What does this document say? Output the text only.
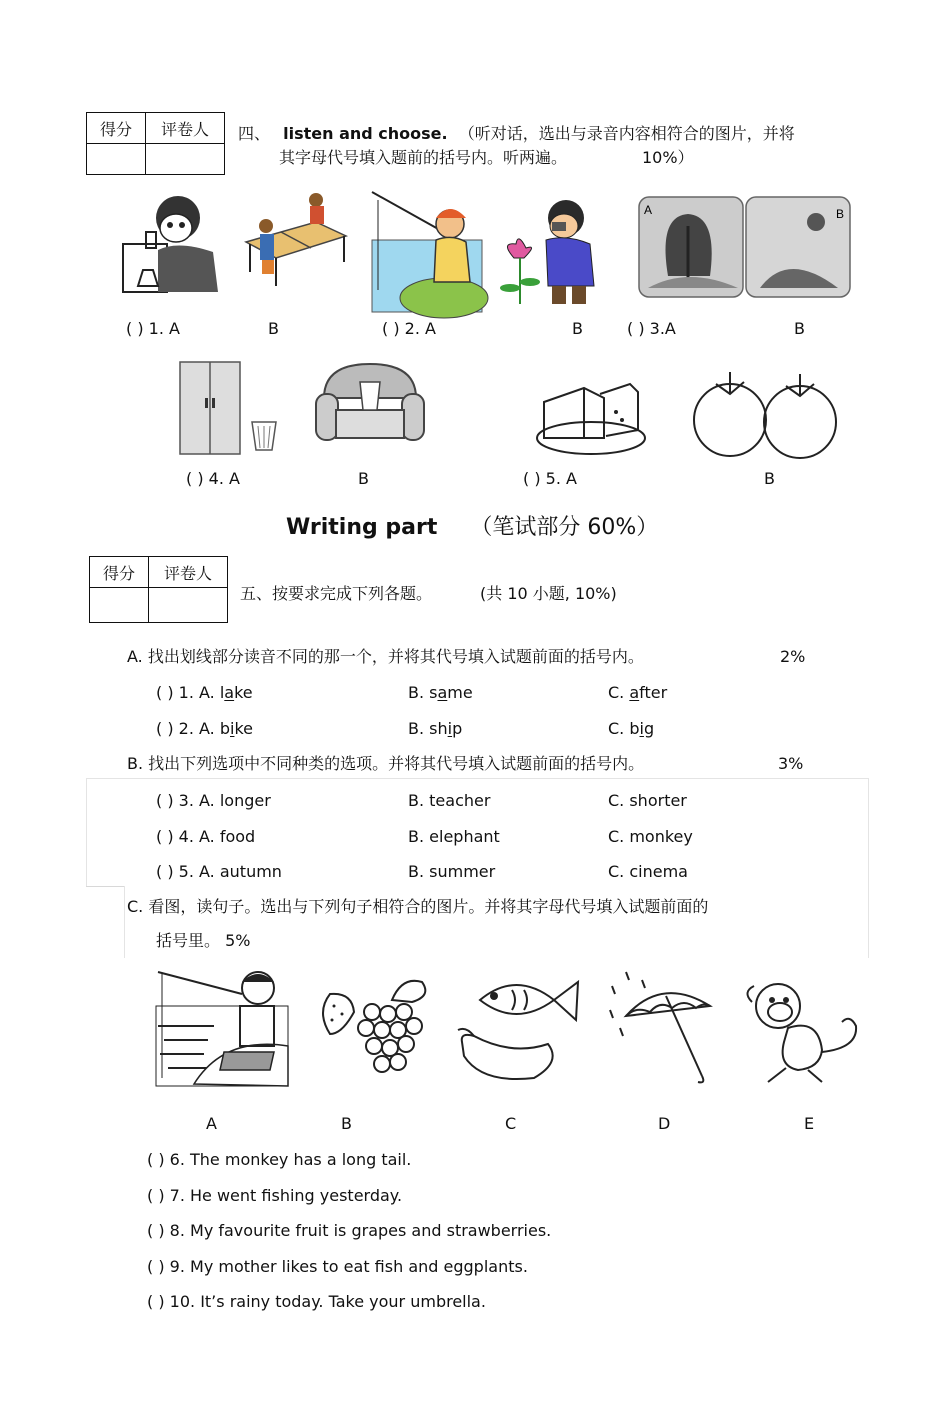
得分	评卷人
	四、 listen and choose. （听对话，选出与录音内容相符合的图片，并将
其字母代号填入题前的括号内。听两遍。	10%）
A	B
( ) 1. A	B	( ) 2. A	B	( ) 3.A	B
( ) 4. A	B	( ) 5. A	B
Writing part （笔试部分 60%）
得分	评卷人

五、按要求完成下列各题。	(共 10 小题, 10%)
A. 找出划线部分读音不同的那一个，并将其代号填入试题前面的括号内。	2%
( ) 1. A. lake	B. same	C. after
( ) 2. A. bike	B. ship	C. big
B. 找出下列选项中不同种类的选项。并将其代号填入试题前面的括号内。	3%
( ) 3. A. longer	B. teacher	C. shorter
( ) 4. A. food	B. elephant	C. monkey
( ) 5. A. autumn	B. summer	C. cinema
C. 看图，读句子。选出与下列句子相符合的图片。并将其字母代号填入试题前面的
括号里。 5%
A	B	C	D	E
( ) 6. The monkey has a long tail.
( ) 7. He went fishing yesterday.
( ) 8. My favourite fruit is grapes and strawberries.
( ) 9. My mother likes to eat fish and eggplants.
( ) 10. It’s rainy today. Take your umbrella.
